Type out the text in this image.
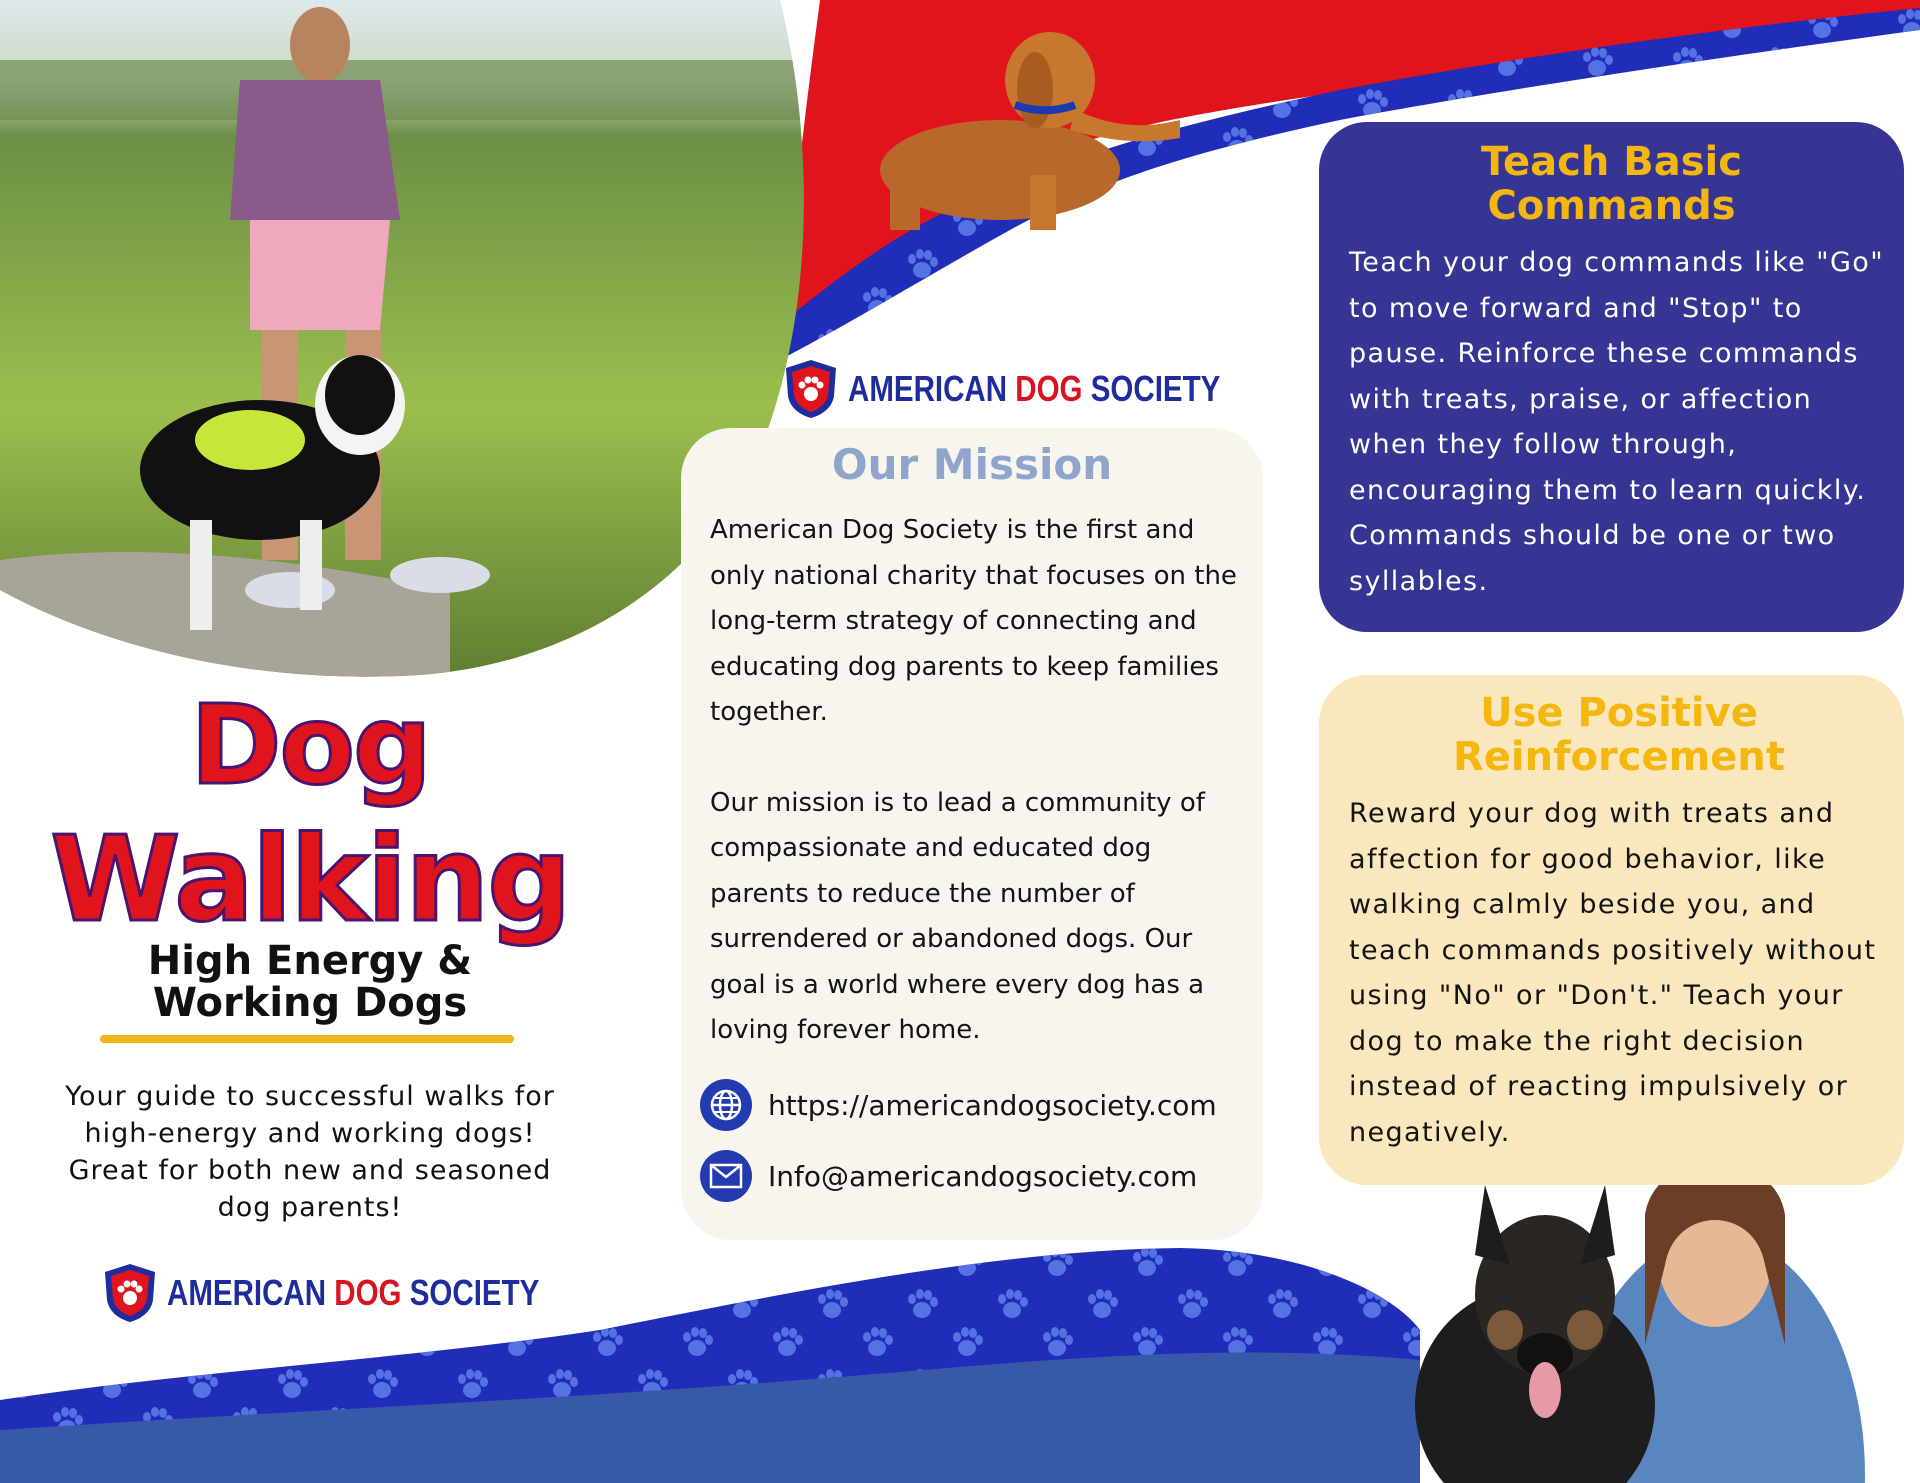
AMERICAN DOG SOCIETY
AMERICAN DOG SOCIETY
Dog
Walking
High Energy &
Working Dogs
Your guide to successful walks for high-energy and working dogs! Great for both new and seasoned dog parents!
Our Mission

American Dog Society is the first and only national charity that focuses on the long-term strategy of connecting and educating dog parents to keep families together.

Our mission is to lead a community of compassionate and educated dog parents to reduce the number of surrendered or abandoned dogs. Our goal is a world where every dog has a loving forever home.

https://americandogsociety.com
Info@americandogsociety.com
Teach Basic
Commands
Teach your dog commands like "Go" to move forward and "Stop" to pause. Reinforce these commands with treats, praise, or affection when they follow through, encouraging them to learn quickly. Commands should be one or two syllables.
Use Positive
Reinforcement
Reward your dog with treats and affection for good behavior, like walking calmly beside you, and teach commands positively without using "No" or "Don't." Teach your dog to make the right decision instead of reacting impulsively or negatively.
